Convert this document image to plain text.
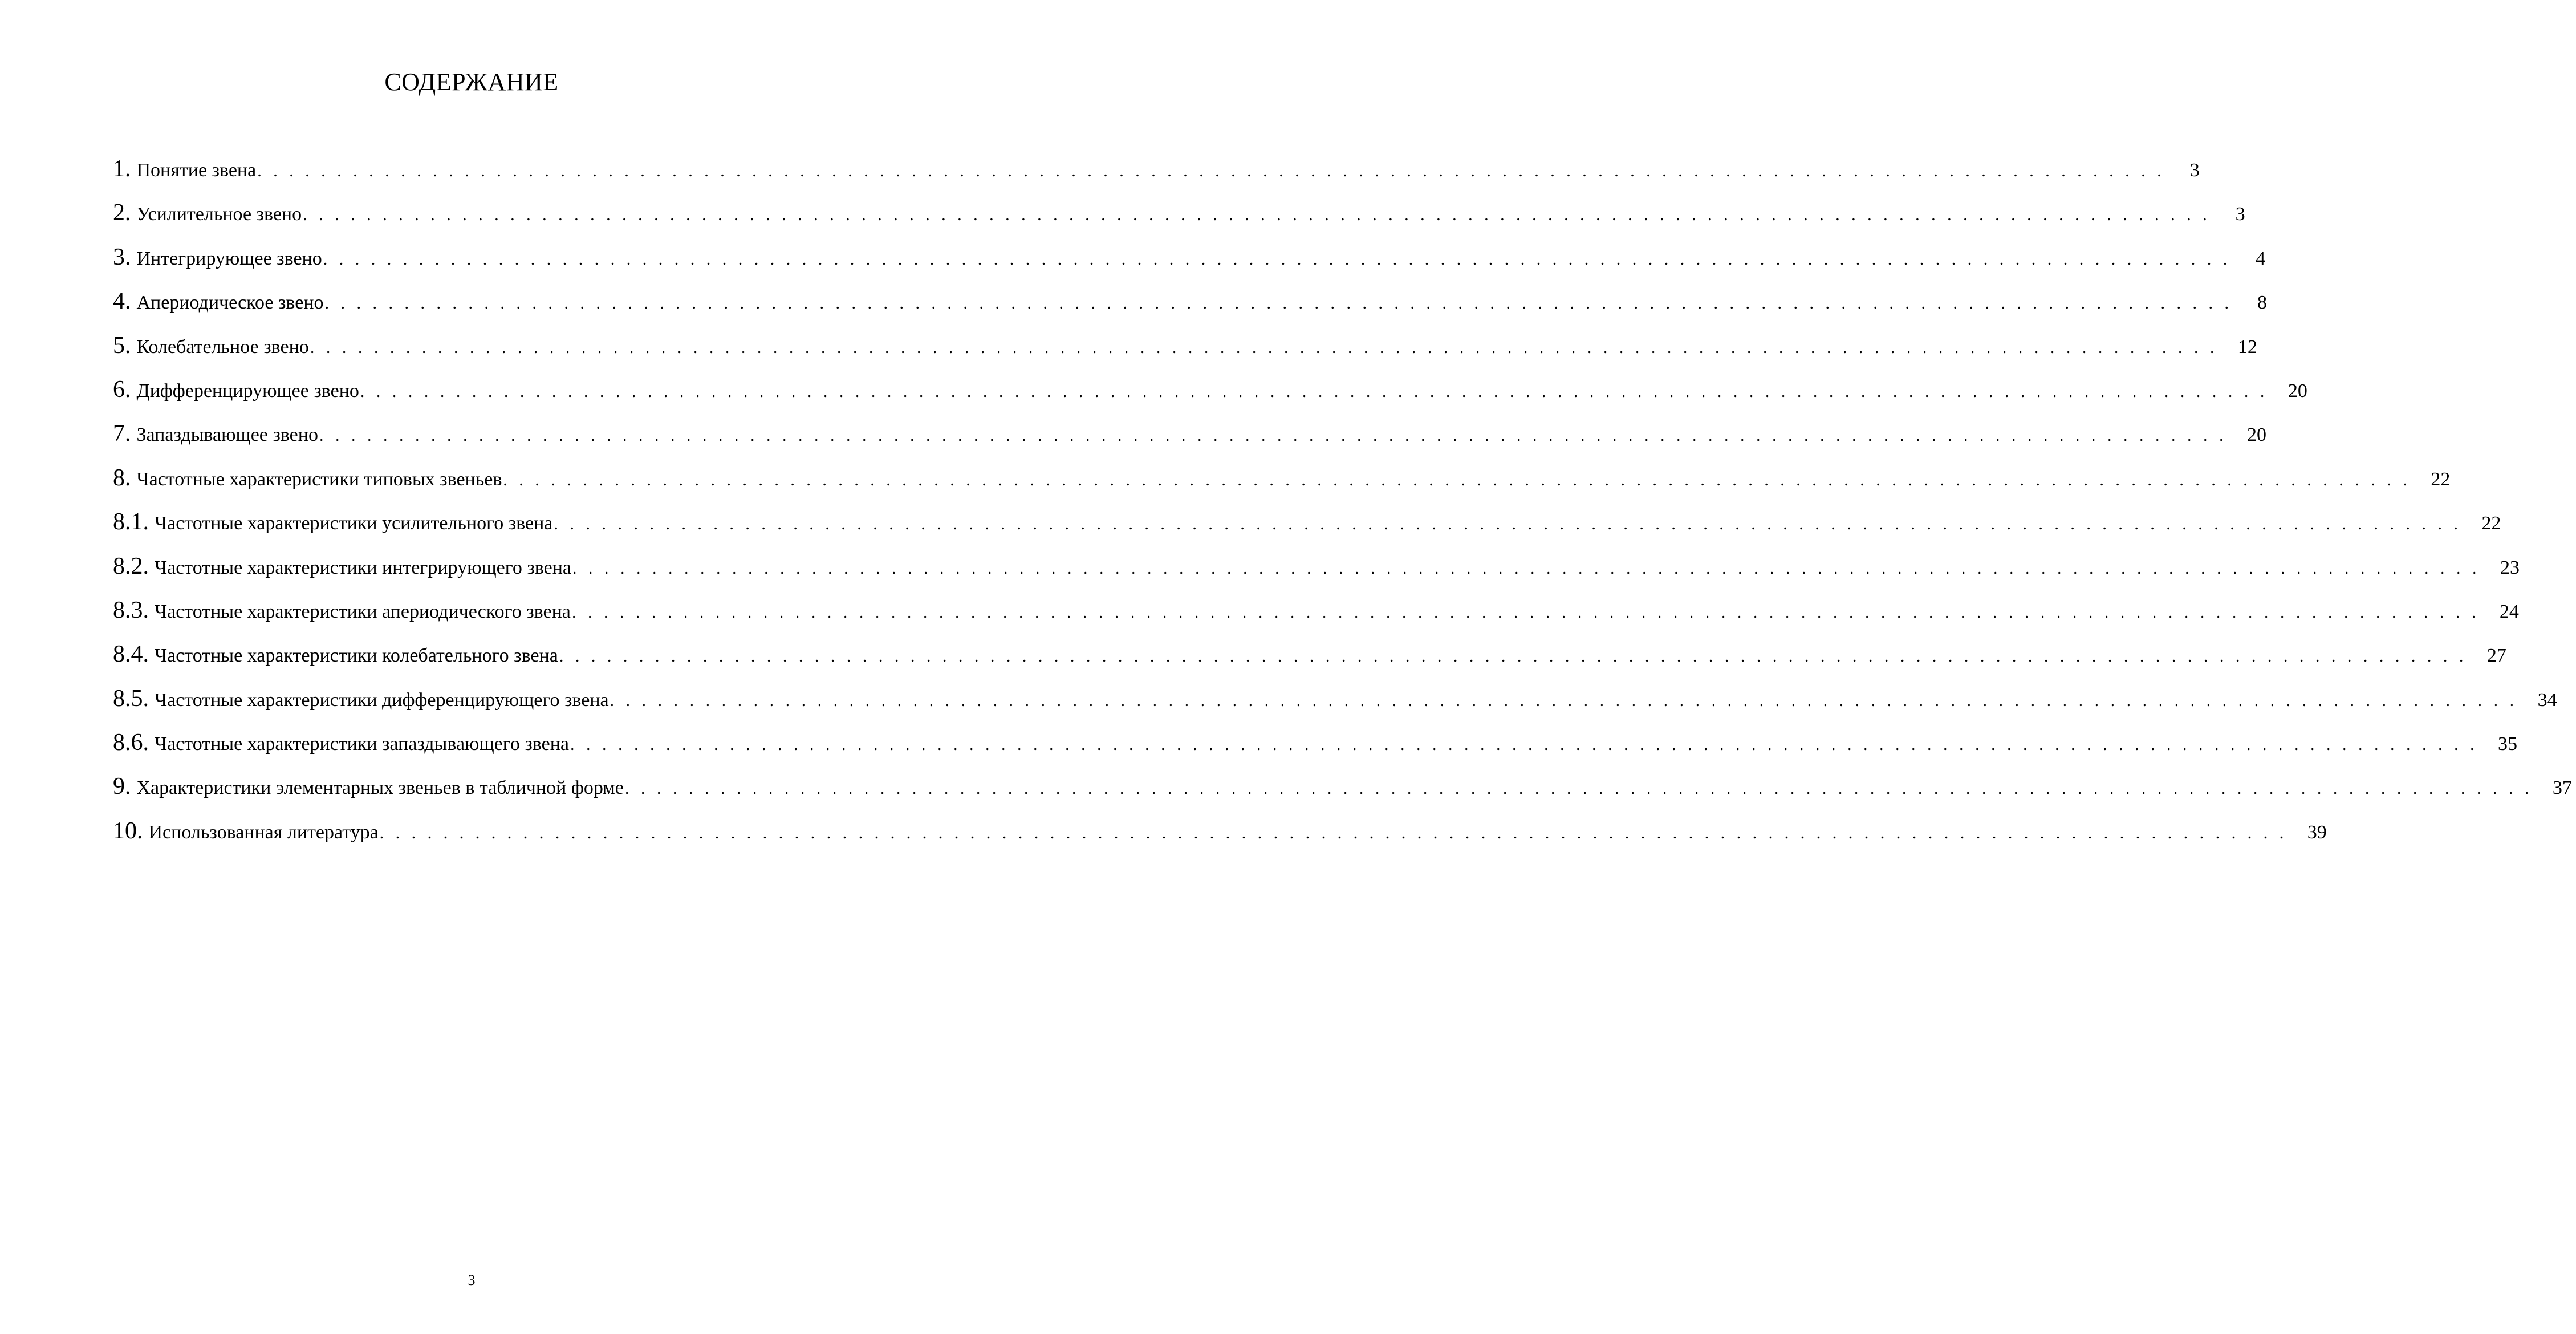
СОДЕРЖАНИЕ
1. Понятие звена . . . . . . . . . . . . . . . . . . . . . . . . . . . . . . . . . . . . . . . . . . . . . . . . . . . . . . . . . . . . . . . . . . . . . . . . . . . . . . . . . . . . . . . . . . . . . . . . . . . . . . . . . . . . . . . . . . . . . . . .	3
2. Усилительное звено . . . . . . . . . . . . . . . . . . . . . . . . . . . . . . . . . . . . . . . . . . . . . . . . . . . . . . . . . . . . . . . . . . . . . . . . . . . . . . . . . . . . . . . . . . . . . . . . . . . . . . . . . . . . . . . . . . . . . . . .	3
3. Интегрирующее звено . . . . . . . . . . . . . . . . . . . . . . . . . . . . . . . . . . . . . . . . . . . . . . . . . . . . . . . . . . . . . . . . . . . . . . . . . . . . . . . . . . . . . . . . . . . . . . . . . . . . . . . . . . . . . . . . . . . . . . . .	4
4. Апериодическое звено . . . . . . . . . . . . . . . . . . . . . . . . . . . . . . . . . . . . . . . . . . . . . . . . . . . . . . . . . . . . . . . . . . . . . . . . . . . . . . . . . . . . . . . . . . . . . . . . . . . . . . . . . . . . . . . . . . . . . . . .	8
5. Колебательное звено . . . . . . . . . . . . . . . . . . . . . . . . . . . . . . . . . . . . . . . . . . . . . . . . . . . . . . . . . . . . . . . . . . . . . . . . . . . . . . . . . . . . . . . . . . . . . . . . . . . . . . . . . . . . . . . . . . . . . . . . 12
6. Дифференцирующее звено . . . . . . . . . . . . . . . . . . . . . . . . . . . . . . . . . . . . . . . . . . . . . . . . . . . . . . . . . . . . . . . . . . . . . . . . . . . . . . . . . . . . . . . . . . . . . . . . . . . . . . . . . . . . . . . . . . . . . . . . 20
7. Запаздывающее звено . . . . . . . . . . . . . . . . . . . . . . . . . . . . . . . . . . . . . . . . . . . . . . . . . . . . . . . . . . . . . . . . . . . . . . . . . . . . . . . . . . . . . . . . . . . . . . . . . . . . . . . . . . . . . . . . . . . . . . . . 20
8. Частотные характеристики типовых звеньев . . . . . . . . . . . . . . . . . . . . . . . . . . . . . . . . . . . . . . . . . . . . . . . . . . . . . . . . . . . . . . . . . . . . . . . . . . . . . . . . . . . . . . . . . . . . . . . . . . . . . . . . . . . . . . . . . . . . . . . . 22
8.1. Частотные характеристики усилительного звена . . . . . . . . . . . . . . . . . . . . . . . . . . . . . . . . . . . . . . . . . . . . . . . . . . . . . . . . . . . . . . . . . . . . . . . . . . . . . . . . . . . . . . . . . . . . . . . . . . . . . . . . . . . . . . . . . . . . . . . . 22
8.2. Частотные характеристики интегрирующего звена . . . . . . . . . . . . . . . . . . . . . . . . . . . . . . . . . . . . . . . . . . . . . . . . . . . . . . . . . . . . . . . . . . . . . . . . . . . . . . . . . . . . . . . . . . . . . . . . . . . . . . . . . . . . . . . . . . . . . . . . 23
8.3. Частотные характеристики апериодического звена . . . . . . . . . . . . . . . . . . . . . . . . . . . . . . . . . . . . . . . . . . . . . . . . . . . . . . . . . . . . . . . . . . . . . . . . . . . . . . . . . . . . . . . . . . . . . . . . . . . . . . . . . . . . . . . . . . . . . . . . 24
8.4. Частотные характеристики колебательного звена . . . . . . . . . . . . . . . . . . . . . . . . . . . . . . . . . . . . . . . . . . . . . . . . . . . . . . . . . . . . . . . . . . . . . . . . . . . . . . . . . . . . . . . . . . . . . . . . . . . . . . . . . . . . . . . . . . . . . . . . 27
8.5. Частотные характеристики дифференцирующего звена . . . . . . . . . . . . . . . . . . . . . . . . . . . . . . . . . . . . . . . . . . . . . . . . . . . . . . . . . . . . . . . . . . . . . . . . . . . . . . . . . . . . . . . . . . . . . . . . . . . . . . . . . . . . . . . . . . . . . . . . 34
8.6. Частотные характеристики запаздывающего звена . . . . . . . . . . . . . . . . . . . . . . . . . . . . . . . . . . . . . . . . . . . . . . . . . . . . . . . . . . . . . . . . . . . . . . . . . . . . . . . . . . . . . . . . . . . . . . . . . . . . . . . . . . . . . . . . . . . . . . . . 35
9. Характеристики элементарных звеньев в табличной форме . . . . . . . . . . . . . . . . . . . . . . . . . . . . . . . . . . . . . . . . . . . . . . . . . . . . . . . . . . . . . . . . . . . . . . . . . . . . . . . . . . . . . . . . . . . . . . . . . . . . . . . . . . . . . . . . . . . . . . . . 37
10. Использованная литература . . . . . . . . . . . . . . . . . . . . . . . . . . . . . . . . . . . . . . . . . . . . . . . . . . . . . . . . . . . . . . . . . . . . . . . . . . . . . . . . . . . . . . . . . . . . . . . . . . . . . . . . . . . . . . . . . . . . . . . . 39
3
